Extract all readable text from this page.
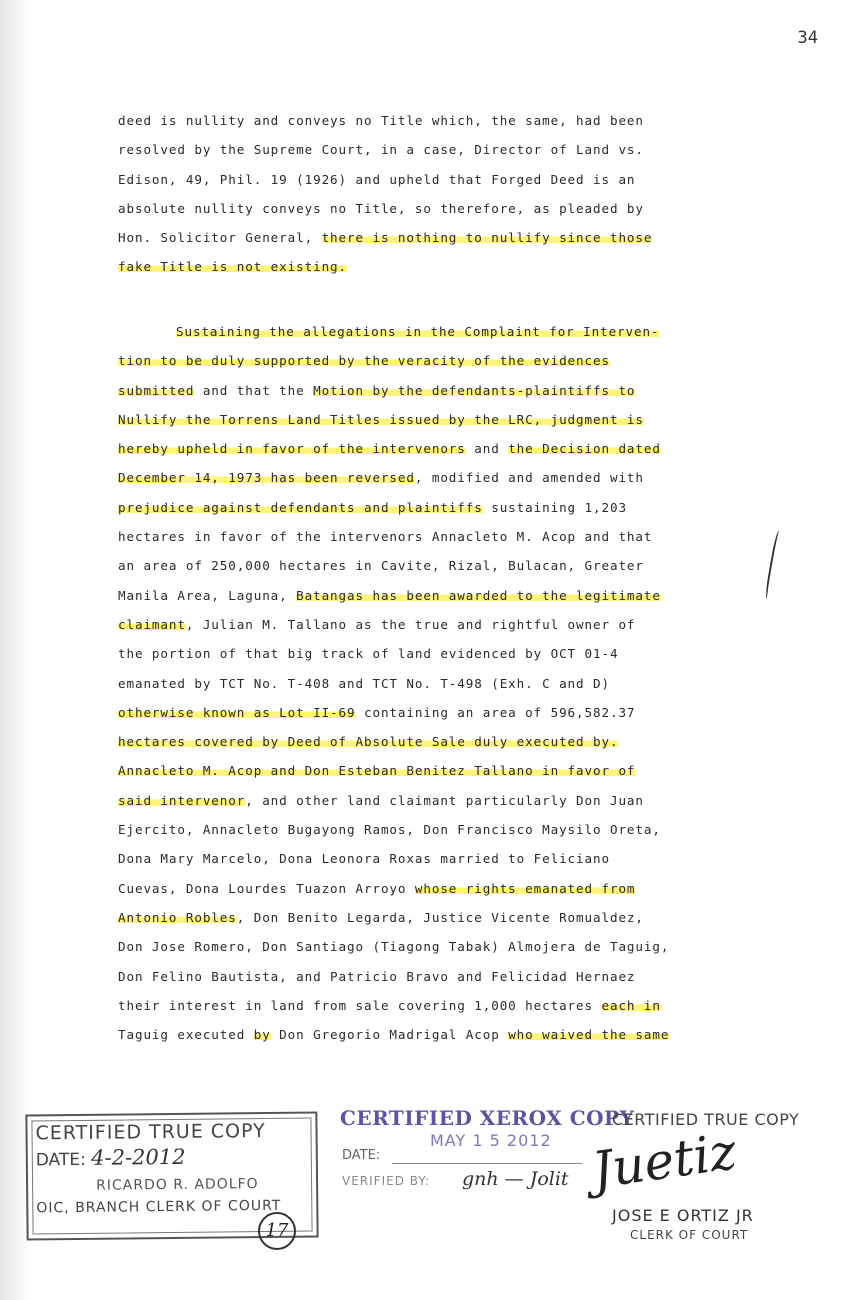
34
deed is nullity and conveys no Title which, the same, had been
resolved by the Supreme Court, in a case, Director of Land vs.
Edison, 49, Phil. 19 (1926) and upheld that Forged Deed is an
absolute nullity conveys no Title, so therefore, as pleaded by
Hon. Solicitor General, there is nothing to nullify since those
fake Title is not existing.
Sustaining the allegations in the Complaint for Interven-
tion to be duly supported by the veracity of the evidences
submitted and that the Motion by the defendants-plaintiffs to
Nullify the Torrens Land Titles issued by the LRC, judgment is
hereby upheld in favor of the intervenors and the Decision dated
December 14, 1973 has been reversed, modified and amended with
prejudice against defendants and plaintiffs sustaining 1,203
hectares in favor of the intervenors Annacleto M. Acop and that
an area of 250,000 hectares in Cavite, Rizal, Bulacan, Greater
Manila Area, Laguna, Batangas has been awarded to the legitimate
claimant, Julian M. Tallano as the true and rightful owner of
the portion of that big track of land evidenced by OCT 01-4
emanated by TCT No. T-408 and TCT No. T-498 (Exh. C and D)
otherwise known as Lot II-69 containing an area of 596,582.37
hectares covered by Deed of Absolute Sale duly executed by.
Annacleto M. Acop and Don Esteban Benitez Tallano in favor of
said intervenor, and other land claimant particularly Don Juan
Ejercito, Annacleto Bugayong Ramos, Don Francisco Maysilo Oreta,
Dona Mary Marcelo, Dona Leonora Roxas married to Feliciano
Cuevas, Dona Lourdes Tuazon Arroyo whose rights emanated from
Antonio Robles, Don Benito Legarda, Justice Vicente Romualdez,
Don Jose Romero, Don Santiago (Tiagong Tabak) Almojera de Taguig,
Don Felino Bautista, and Patricio Bravo and Felicidad Hernaez
their interest in land from sale covering 1,000 hectares each in
Taguig executed by Don Gregorio Madrigal Acop who waived the same
CERTIFIED TRUE COPY
DATE: 4-2-2012
RICARDO R. ADOLFO
OIC, BRANCH CLERK OF COURT
17
CERTIFIED XEROX COPY
MAY 1 5 2012
DATE:
VERIFIED BY: gnh — Jolit
CERTIFIED TRUE COPY
Juetiz
JOSE E ORTIZ JR
CLERK OF COURT
